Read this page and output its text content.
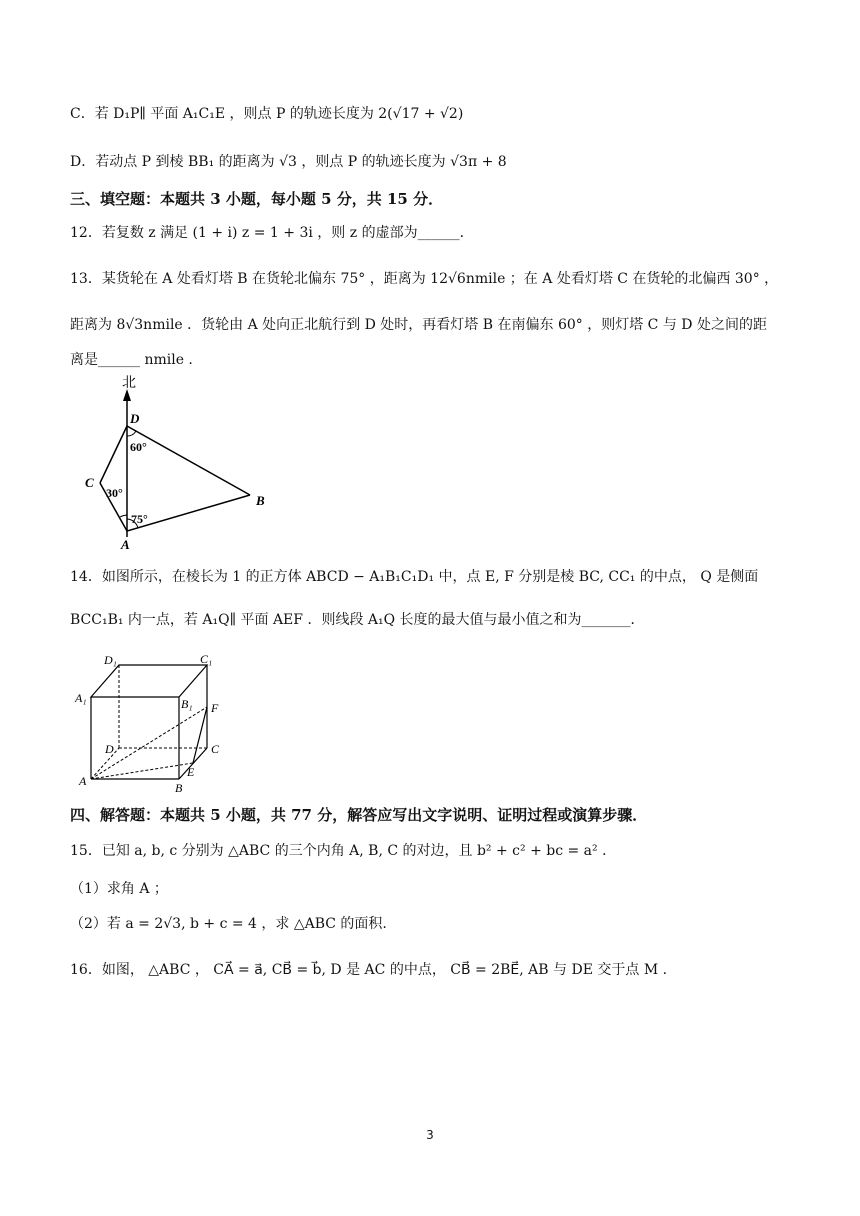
C．若 D₁P∥ 平面 A₁C₁E ，则点 P 的轨迹长度为 2(√17 + √2)
D．若动点 P 到棱 BB₁ 的距离为 √3 ，则点 P 的轨迹长度为 √3π + 8
三、填空题：本题共 3 小题，每小题 5 分，共 15 分．
12．若复数 z 满足 (1 + i) z = 1 + 3i ，则 z 的虚部为______．
13．某货轮在 A 处看灯塔 B 在货轮北偏东 75° ，距离为 12√6nmile ；在 A 处看灯塔 C 在货轮的北偏西 30° ，
距离为 8√3nmile ．货轮由 A 处向正北航行到 D 处时，再看灯塔 B 在南偏东 60° ，则灯塔 C 与 D 处之间的距
离是______ nmile .
北
D
60°
C
30°
75°
B
A
14．如图所示，在棱长为 1 的正方体 ABCD − A₁B₁C₁D₁ 中，点 E, F 分别是棱 BC, CC₁ 的中点， Q 是侧面
BCC₁B₁ 内一点，若 A₁Q∥ 平面 AEF ．则线段 A₁Q 长度的最大值与最小值之和为_______．
D₁	C₁
A₁	B₁ F
D	C
E
A	B
四、解答题：本题共 5 小题，共 77 分，解答应写出文字说明、证明过程或演算步骤．
15．已知 a, b, c 分别为 △ABC 的三个内角 A, B, C 的对边，且 b² + c² + bc = a² ．
（1）求角 A ；
（2）若 a = 2√3, b + c = 4 ，求 △ABC 的面积.
16．如图， △ABC ， CA⃗ = a⃗, CB⃗ = b⃗, D 是 AC 的中点， CB⃗ = 2BE⃗, AB 与 DE 交于点 M .
3
